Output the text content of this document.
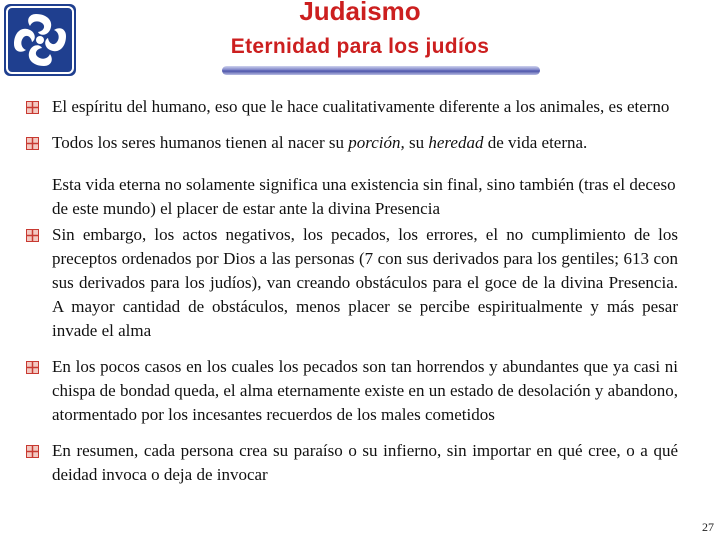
Judaismo
Eternidad para los judíos
El espíritu del humano, eso que le hace cualitativamente diferente a los animales, es eterno
Todos los seres humanos tienen al nacer su porción, su heredad de vida eterna.
Esta vida eterna no solamente significa una existencia sin final, sino también (tras el deceso de este mundo) el placer de estar ante la divina Presencia
Sin embargo, los actos negativos, los pecados, los errores, el no cumplimiento de los preceptos ordenados por Dios a las personas (7 con sus derivados para los gentiles; 613 con sus derivados para los judíos), van creando obstáculos para el goce de la divina Presencia. A mayor cantidad de obstáculos, menos placer se percibe espiritualmente y más pesar invade el alma
En los pocos casos en los cuales los pecados son tan horrendos y abundantes que ya casi ni chispa de bondad queda, el alma eternamente existe en un estado de desolación y abandono, atormentado por los incesantes recuerdos de los males cometidos
En resumen, cada persona crea su paraíso o su infierno, sin importar en qué cree, o a qué deidad invoca o deja de invocar
27
